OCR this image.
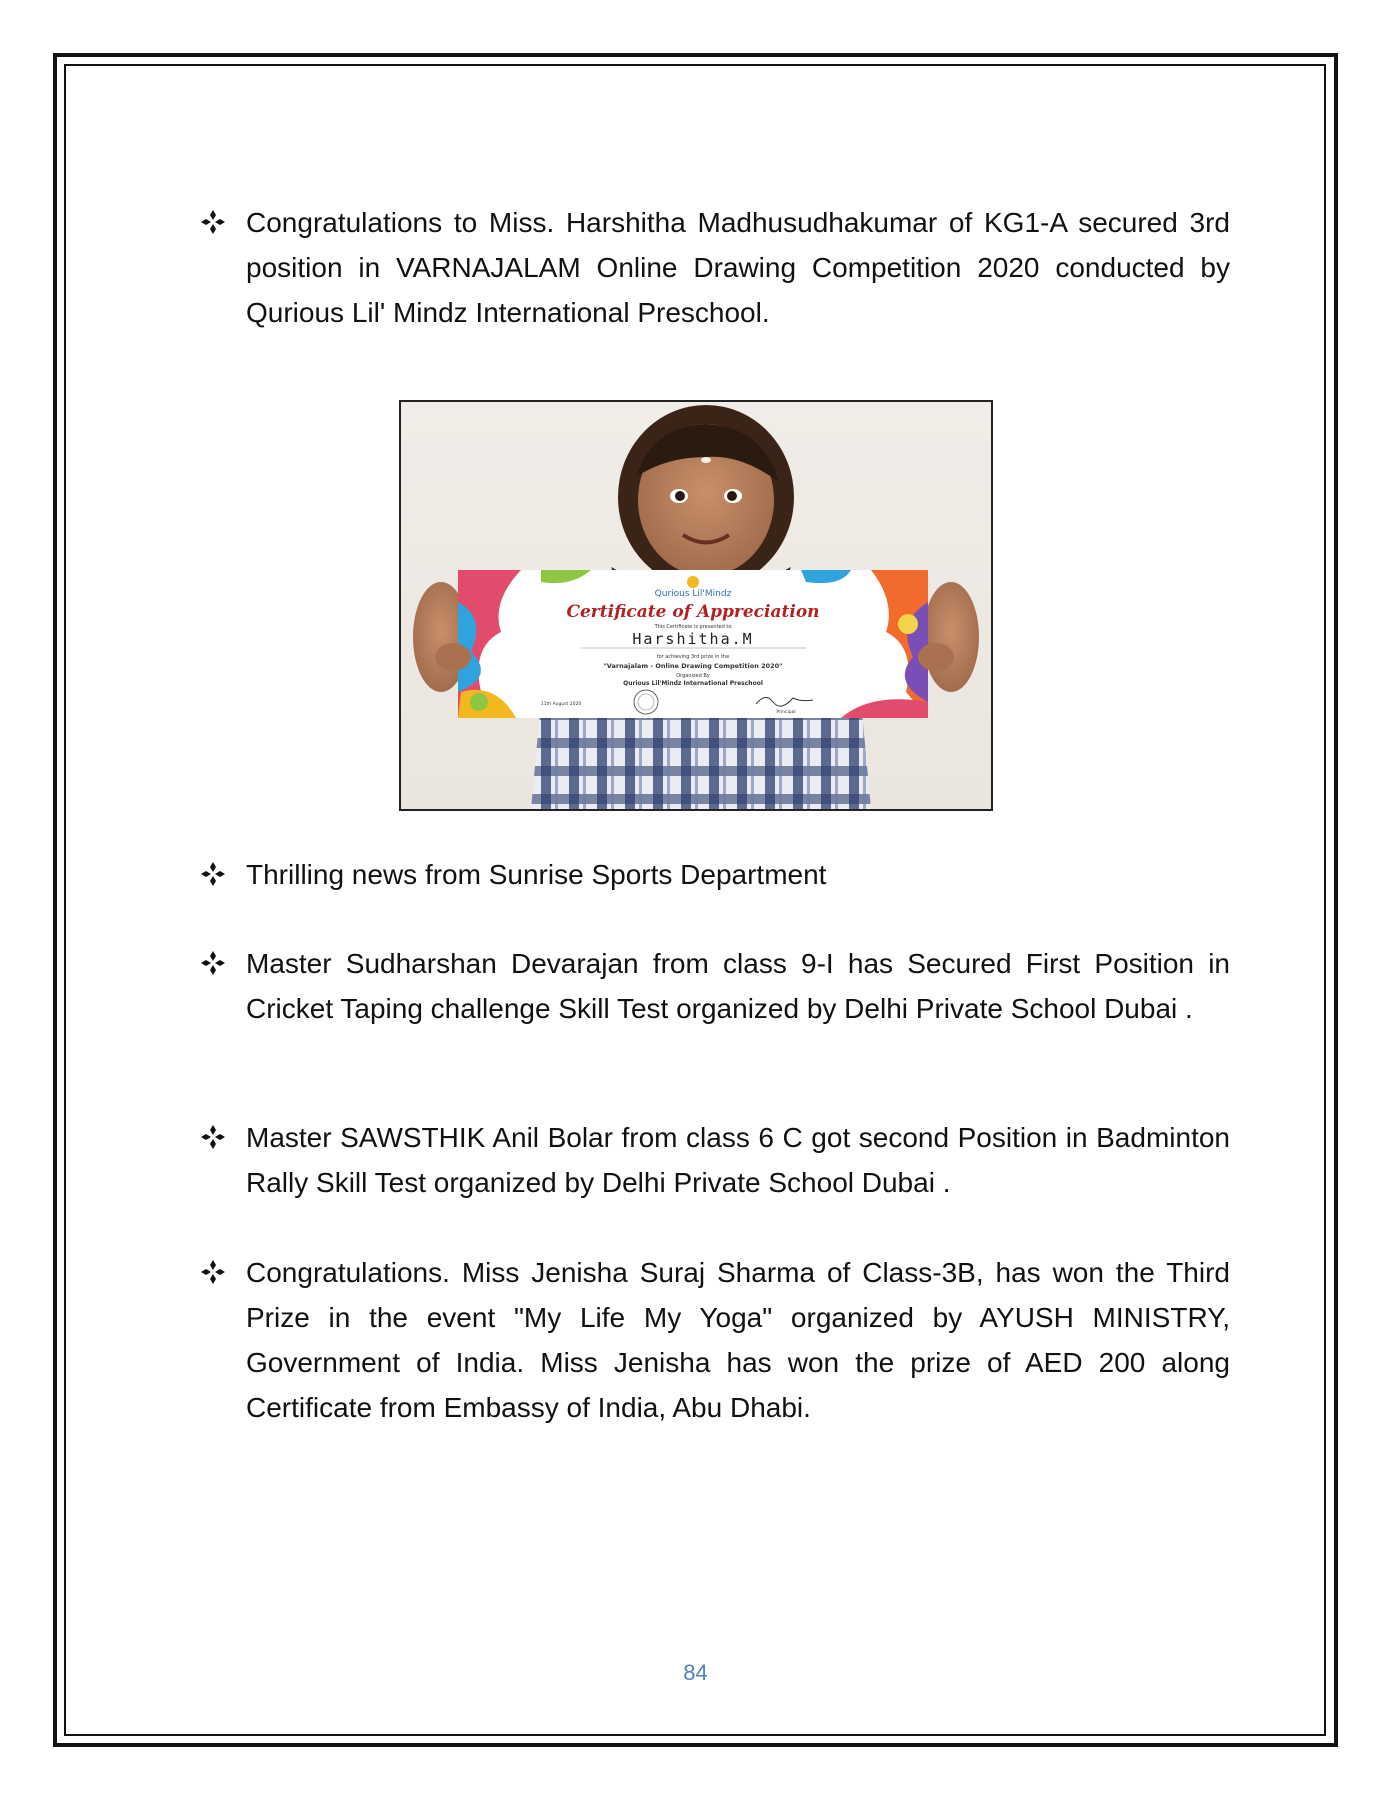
Congratulations to Miss. Harshitha Madhusudhakumar of KG1-A secured 3rd position in VARNAJALAM Online Drawing Competition 2020 conducted by Qurious Lil' Mindz International Preschool.
Qurious Lil'Mindz
Certificate of Appreciation
This Certificate is presented to
Harshitha.M
for achieving 3rd prize in the
"Varnajalam - Online Drawing Competition 2020"
Organized By
Qurious Lil'Mindz International Preschool
11th August 2020
Principal
Thrilling news from Sunrise Sports Department
Master Sudharshan Devarajan from class 9-I has Secured First Position in Cricket Taping challenge Skill Test organized by Delhi Private School Dubai .
Master SAWSTHIK Anil Bolar from class 6 C got second Position in Badminton Rally Skill Test organized by Delhi Private School Dubai .
Congratulations. Miss Jenisha Suraj Sharma of Class-3B, has won the Third Prize in the event "My Life My Yoga" organized by AYUSH MINISTRY, Government of India. Miss Jenisha has won the prize of AED 200 along Certificate from Embassy of India, Abu Dhabi.
84
